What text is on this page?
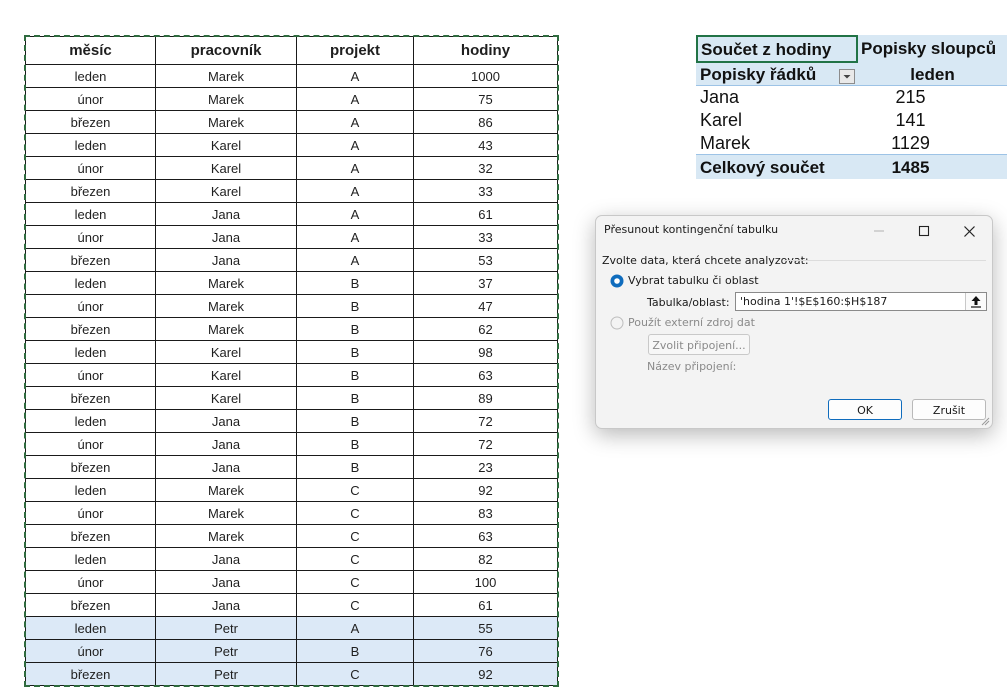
měsíc	pracovník	projekt	hodiny
leden	Marek	A	1000
únor	Marek	A	75
březen	Marek	A	86
leden	Karel	A	43
únor	Karel	A	32
březen	Karel	A	33
leden	Jana	A	61
únor	Jana	A	33
březen	Jana	A	53
leden	Marek	B	37
únor	Marek	B	47
březen	Marek	B	62
leden	Karel	B	98
únor	Karel	B	63
březen	Karel	B	89
leden	Jana	B	72
únor	Jana	B	72
březen	Jana	B	23
leden	Marek	C	92
únor	Marek	C	83
březen	Marek	C	63
leden	Jana	C	82
únor	Jana	C	100
březen	Jana	C	61
leden	Petr	A	55
únor	Petr	B	76
březen	Petr	C	92
Součet z hodiny	Popisky sloupců
Popisky řádků	leden
Jana	215
Karel	141
Marek	1129
Celkový součet	1485
Přesunout kontingenční tabulku
Zvolte data, která chcete analyzovat:
Vybrat tabulku či oblast
Tabulka/oblast: 'hodina 1'!$E$160:$H$187
Použít externí zdroj dat
Zvolit připojení...
Název připojení:
OK	Zrušit
